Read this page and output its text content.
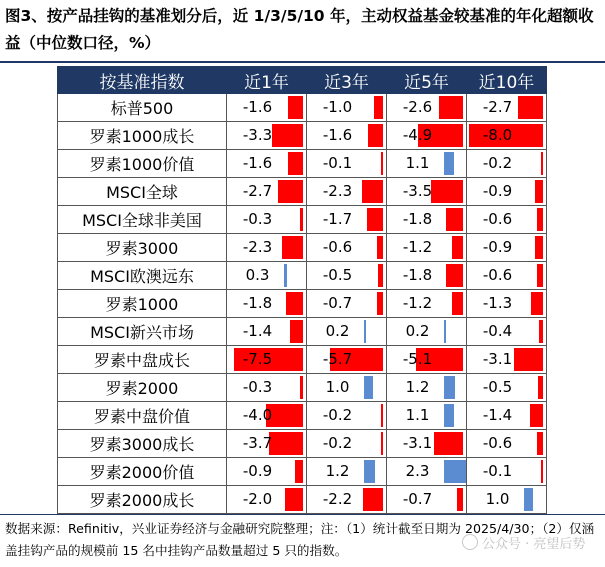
图3、按产品挂钩的基准划分后，近 1/3/5/10 年，主动权益基金较基准的年化超额收益（中位数口径，%）
按基准指数	近1年	近3年	近5年	近10年
标普500	-1.6	-1.0	-2.6	-2.7

罗素1000成长	-3.3	-1.6	-4.9	-8.0

罗素1000价值	-1.6	-0.1	1.1	-0.2

MSCI全球	-2.7	-2.3	-3.5	-0.9

MSCI全球非美国	-0.3	-1.7	-1.8	-0.6

罗素3000	-2.3	-0.6	-1.2	-0.9

MSCI欧澳远东	0.3	-0.5	-1.8	-0.6

罗素1000	-1.8	-0.7	-1.2	-1.3

MSCI新兴市场	-1.4	0.2	0.2	-0.4

罗素中盘成长	-7.5	-5.7	-5.1	-3.1

罗素2000	-0.3	1.0	1.2	-0.5

罗素中盘价值	-4.0	-0.2	1.1	-1.4

罗素3000成长	-3.7	-0.2	-3.1	-0.6

罗素2000价值	-0.9	1.2	2.3	-0.1

罗素2000成长	-2.0	-2.2	-0.7	1.0
数据来源：Refinitiv，兴业证券经济与金融研究院整理；注：（1）统计截至日期为 2025/4/30；（2）仅涵盖挂钩产品的规模前 15 名中挂钩产品数量超过 5 只的指数。	公众号 · 亮望后势
